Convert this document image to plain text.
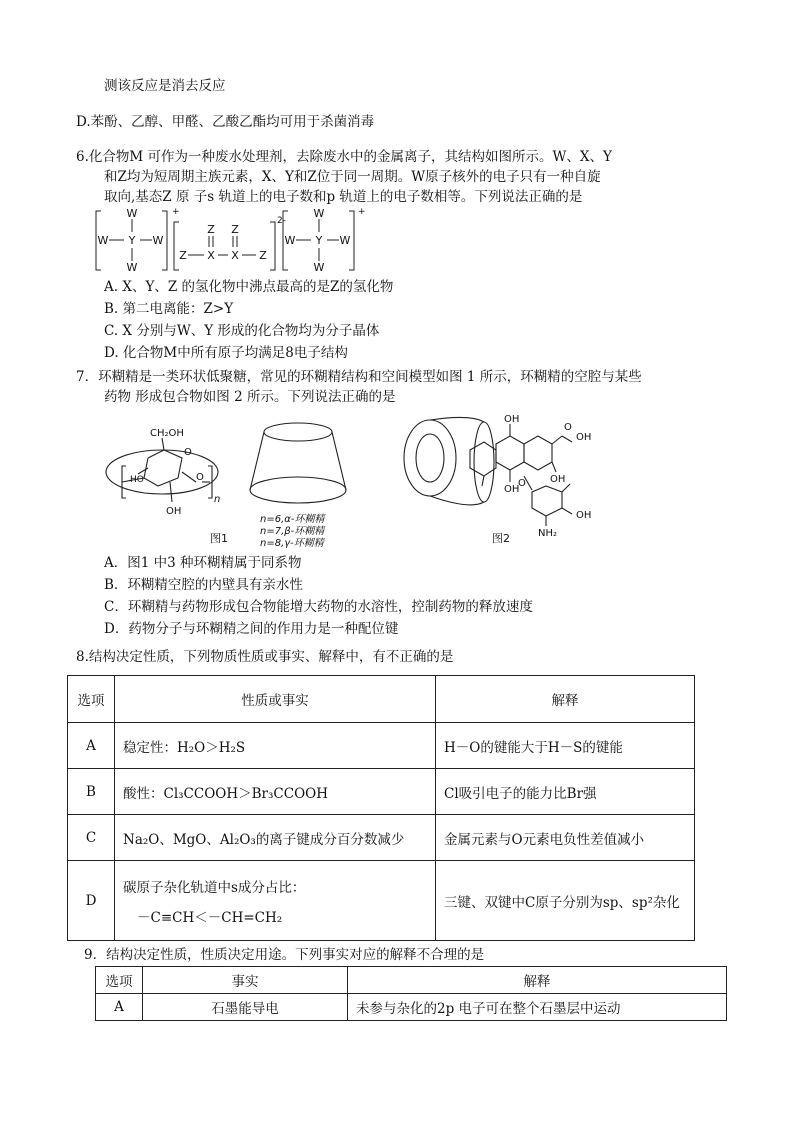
测该反应是消去反应
D.苯酚、乙醇、甲醛、乙酸乙酯均可用于杀菌消毒
6.化合物M 可作为一种废水处理剂，去除废水中的金属离子，其结构如图所示。W、X、Y
和Z均为短周期主族元素，X、Y和Z位于同一周期。W原子核外的电子只有一种自旋
取向,基态Z 原 子s 轨道上的电子数和p 轨道上的电子数相等。下列说法正确的是
W
Y
W
W	W
+
Z Z
Z X X Z
2-
W
Y
W
W	W
+
A. X、Y、Z 的氢化物中沸点最高的是Z的氢化物
B. 第二电离能：Z>Y
C. X 分别与W、Y 形成的化合物均为分子晶体
D. 化合物M中所有原子均满足8电子结构
7．环糊精是一类环状低聚糖，常见的环糊精结构和空间模型如图 1 所示，环糊精的空腔与某些
药物 形成包合物如图 2 所示。下列说法正确的是
CH₂OH
O
HO
OH
O
n
n=6,α-环糊精
n=7,β-环糊精
n=8,γ-环糊精
图1
OH
OH
OH
OH
O
O
OH
NH₂
图2
A．图1 中3 种环糊精属于同系物
B．环糊精空腔的内壁具有亲水性
C．环糊精与药物形成包合物能增大药物的水溶性，控制药物的释放速度
D．药物分子与环糊精之间的作用力是一种配位键
8.结构决定性质，下列物质性质或事实、解释中，有不正确的是
选项	性质或事实	解释
A	稳定性：H₂O＞H₂S	H－O的键能大于H－S的键能
B	酸性：Cl₃CCOOH＞Br₃CCOOH	Cl吸引电子的能力比Br强
C	Na₂O、MgO、Al₂O₃的离子键成分百分数减少	金属元素与O元素电负性差值减小
D	碳原子杂化轨道中s成分占比：
－C≡CH＜－CH=CH₂	三键、双键中C原子分别为sp、sp²杂化
9．结构决定性质，性质决定用途。下列事实对应的解释不合理的是
选项	事实	解释
A	石墨能导电	未参与杂化的2p 电子可在整个石墨层中运动
